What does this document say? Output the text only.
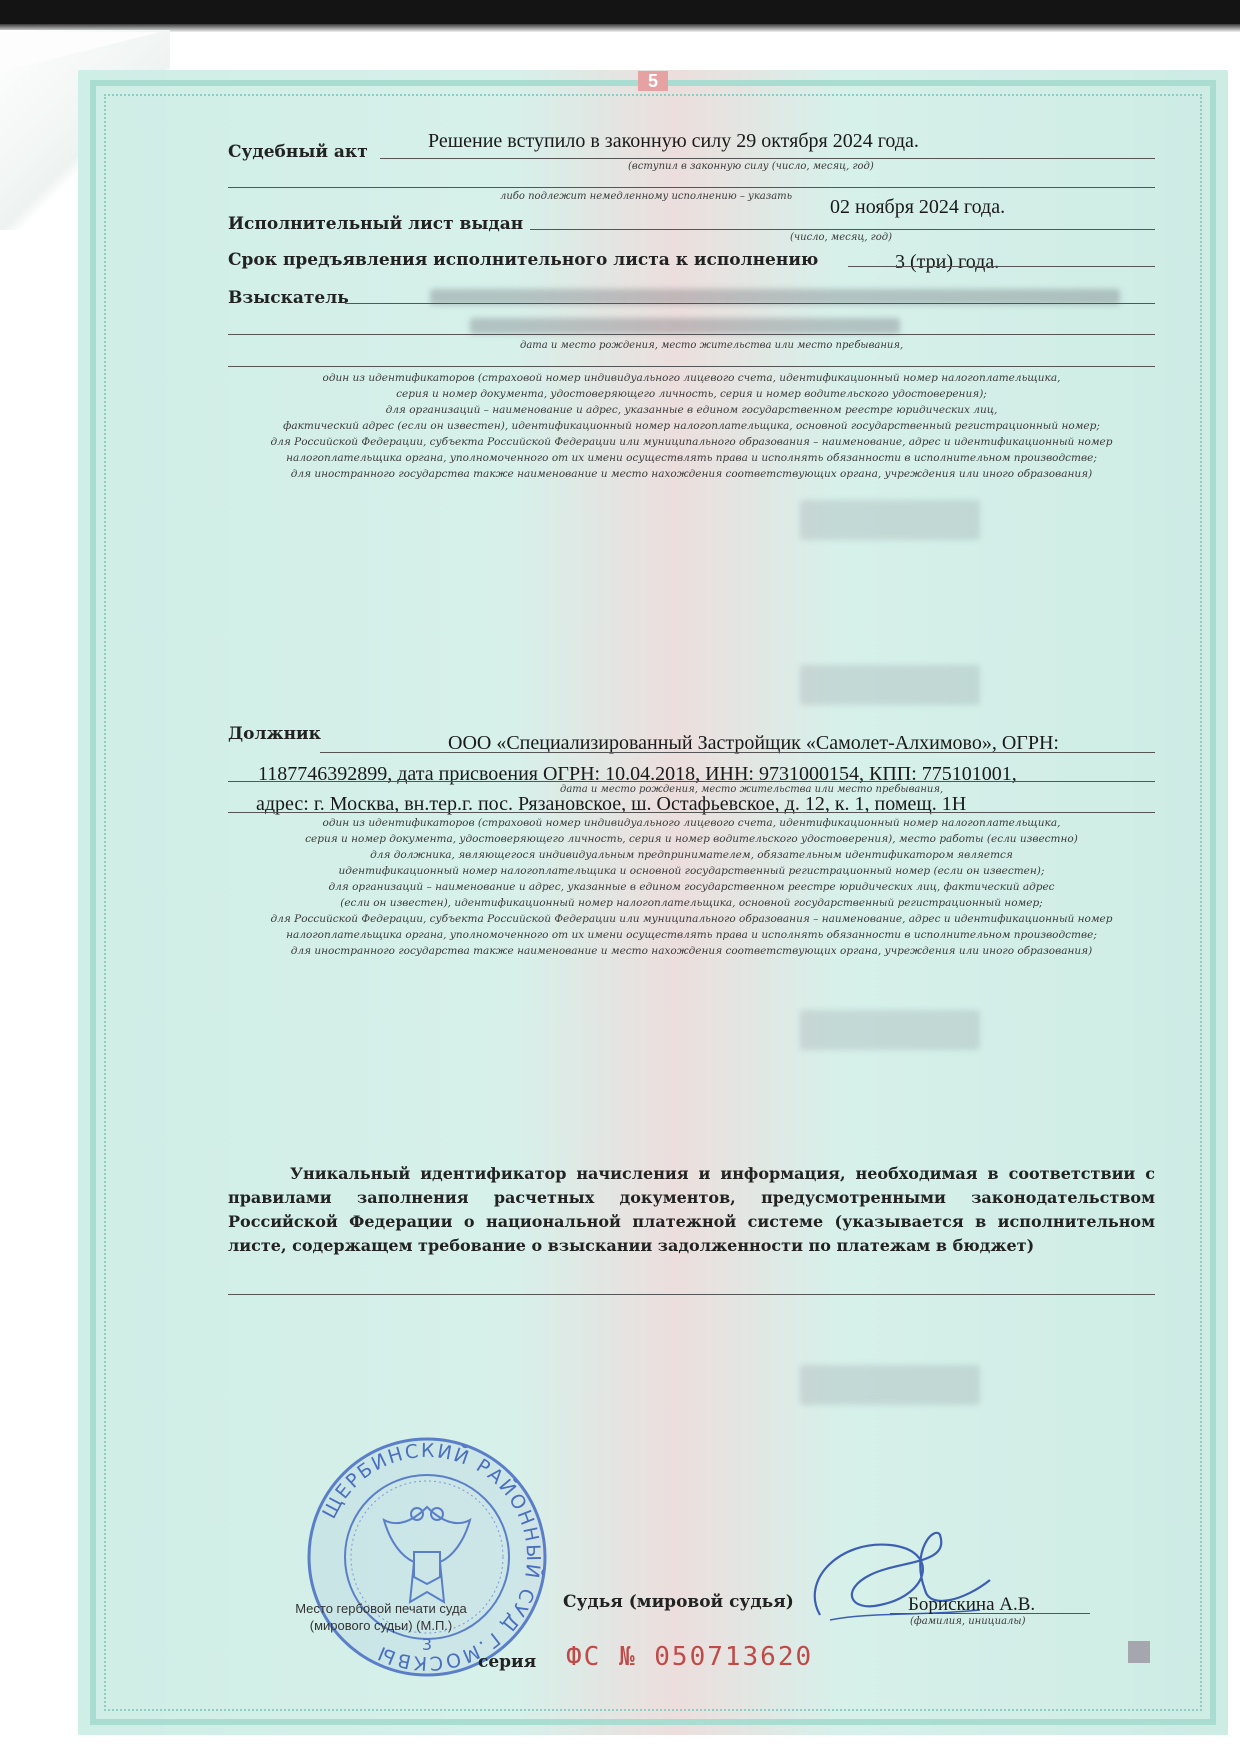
5
Судебный акт	Решение вступило в законную силу 29 октября 2024 года.
(вступил в законную силу (число, месяц, год)
либо подлежит немедленному исполнению – указать
Исполнительный лист выдан
02 ноября 2024 года.
(число, месяц, год)
Срок предъявления исполнительного листа к исполнению	3 (три) года.
Взыскатель
дата и место рождения, место жительства или место пребывания,
один из идентификаторов (страховой номер индивидуального лицевого счета, идентификационный номер налогоплательщика,
серия и номер документа, удостоверяющего личность, серия и номер водительского удостоверения);
для организаций – наименование и адрес, указанные в едином государственном реестре юридических лиц,
фактический адрес (если он известен), идентификационный номер налогоплательщика, основной государственный регистрационный номер;
для Российской Федерации, субъекта Российской Федерации или муниципального образования – наименование, адрес и идентификационный номер
налогоплательщика органа, уполномоченного от их имени осуществлять права и исполнять обязанности в исполнительном производстве;
для иностранного государства также наименование и место нахождения соответствующих органа, учреждения или иного образования)
Должник	ООО «Специализированный Застройщик «Самолет-Алхимово», ОГРН:
1187746392899, дата присвоения ОГРН: 10.04.2018, ИНН: 9731000154, КПП: 775101001,
дата и место рождения, место жительства или место пребывания,
адрес: г. Москва, вн.тер.г. пос. Рязановское, ш. Остафьевское, д. 12, к. 1, помещ. 1Н
один из идентификаторов (страховой номер индивидуального лицевого счета, идентификационный номер налогоплательщика,
серия и номер документа, удостоверяющего личность, серия и номер водительского удостоверения), место работы (если известно)
для должника, являющегося индивидуальным предпринимателем, обязательным идентификатором является
идентификационный номер налогоплательщика и основной государственный регистрационный номер (если он известен);
для организаций – наименование и адрес, указанные в едином государственном реестре юридических лиц, фактический адрес
(если он известен), идентификационный номер налогоплательщика, основной государственный регистрационный номер;
для Российской Федерации, субъекта Российской Федерации или муниципального образования – наименование, адрес и идентификационный номер
налогоплательщика органа, уполномоченного от их имени осуществлять права и исполнять обязанности в исполнительном производстве;
для иностранного государства также наименование и место нахождения соответствующих органа, учреждения или иного образования)
Уникальный идентификатор начисления и информация, необходимая в соответствии с правилами заполнения расчетных документов, предусмотренными законодательством Российской Федерации о национальной платежной системе (указывается в исполнительном листе, содержащем требование о взыскании задолженности по платежам в бюджет)
ЩЕРБИНСКИЙ РАЙОННЫЙ СУД Г.МОСКВЫ	3
Место гербовой печати суда
(мирового судьи) (М.П.)
Судья (мировой судья)	Борискина А.В.
(фамилия, инициалы)
серия ФС № 050713620
